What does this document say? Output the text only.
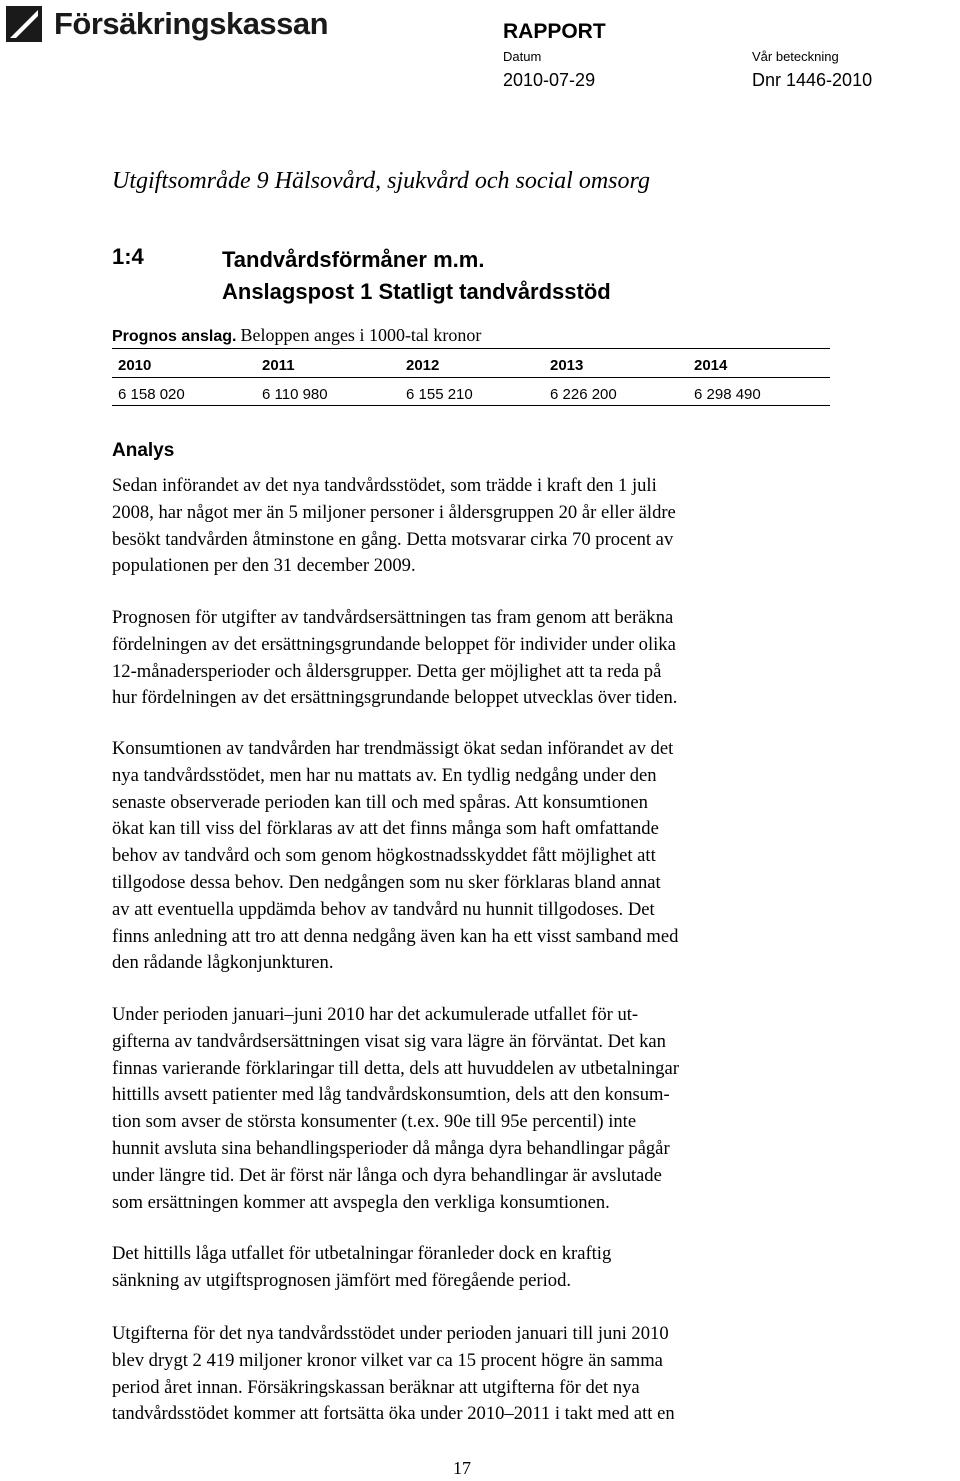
Försäkringskassan	RAPPORT
Datum	Vår beteckning
2010-07-29	Dnr 1446-2010
Utgiftsområde 9 Hälsovård, sjukvård och social omsorg
1:4	Tandvårdsförmåner m.m.
Anslagspost 1 Statligt tandvårdsstöd
Prognos anslag. Beloppen anges i 1000-tal kronor
2010	2011	2012	2013	2014
6 158 020	6 110 980	6 155 210	6 226 200	6 298 490
Analys
Sedan införandet av det nya tandvårdsstödet, som trädde i kraft den 1 juli
2008, har något mer än 5 miljoner personer i åldersgruppen 20 år eller äldre
besökt tandvården åtminstone en gång. Detta motsvarar cirka 70 procent av
populationen per den 31 december 2009.
Prognosen för utgifter av tandvårdsersättningen tas fram genom att beräkna
fördelningen av det ersättningsgrundande beloppet för individer under olika
12-månadersperioder och åldersgrupper. Detta ger möjlighet att ta reda på
hur fördelningen av det ersättningsgrundande beloppet utvecklas över tiden.
Konsumtionen av tandvården har trendmässigt ökat sedan införandet av det
nya tandvårdsstödet, men har nu mattats av. En tydlig nedgång under den
senaste observerade perioden kan till och med spåras. Att konsumtionen
ökat kan till viss del förklaras av att det finns många som haft omfattande
behov av tandvård och som genom högkostnadsskyddet fått möjlighet att
tillgodose dessa behov. Den nedgången som nu sker förklaras bland annat
av att eventuella uppdämda behov av tandvård nu hunnit tillgodoses. Det
finns anledning att tro att denna nedgång även kan ha ett visst samband med
den rådande lågkonjunkturen.
Under perioden januari–juni 2010 har det ackumulerade utfallet för ut-
gifterna av tandvårdsersättningen visat sig vara lägre än förväntat. Det kan
finnas varierande förklaringar till detta, dels att huvuddelen av utbetalningar
hittills avsett patienter med låg tandvårdskonsumtion, dels att den konsum-
tion som avser de största konsumenter (t.ex. 90e till 95e percentil) inte
hunnit avsluta sina behandlingsperioder då många dyra behandlingar pågår
under längre tid. Det är först när långa och dyra behandlingar är avslutade
som ersättningen kommer att avspegla den verkliga konsumtionen.
Det hittills låga utfallet för utbetalningar föranleder dock en kraftig
sänkning av utgiftsprognosen jämfört med föregående period.
Utgifterna för det nya tandvårdsstödet under perioden januari till juni 2010
blev drygt 2 419 miljoner kronor vilket var ca 15 procent högre än samma
period året innan. Försäkringskassan beräknar att utgifterna för det nya
tandvårdsstödet kommer att fortsätta öka under 2010–2011 i takt med att en
17
